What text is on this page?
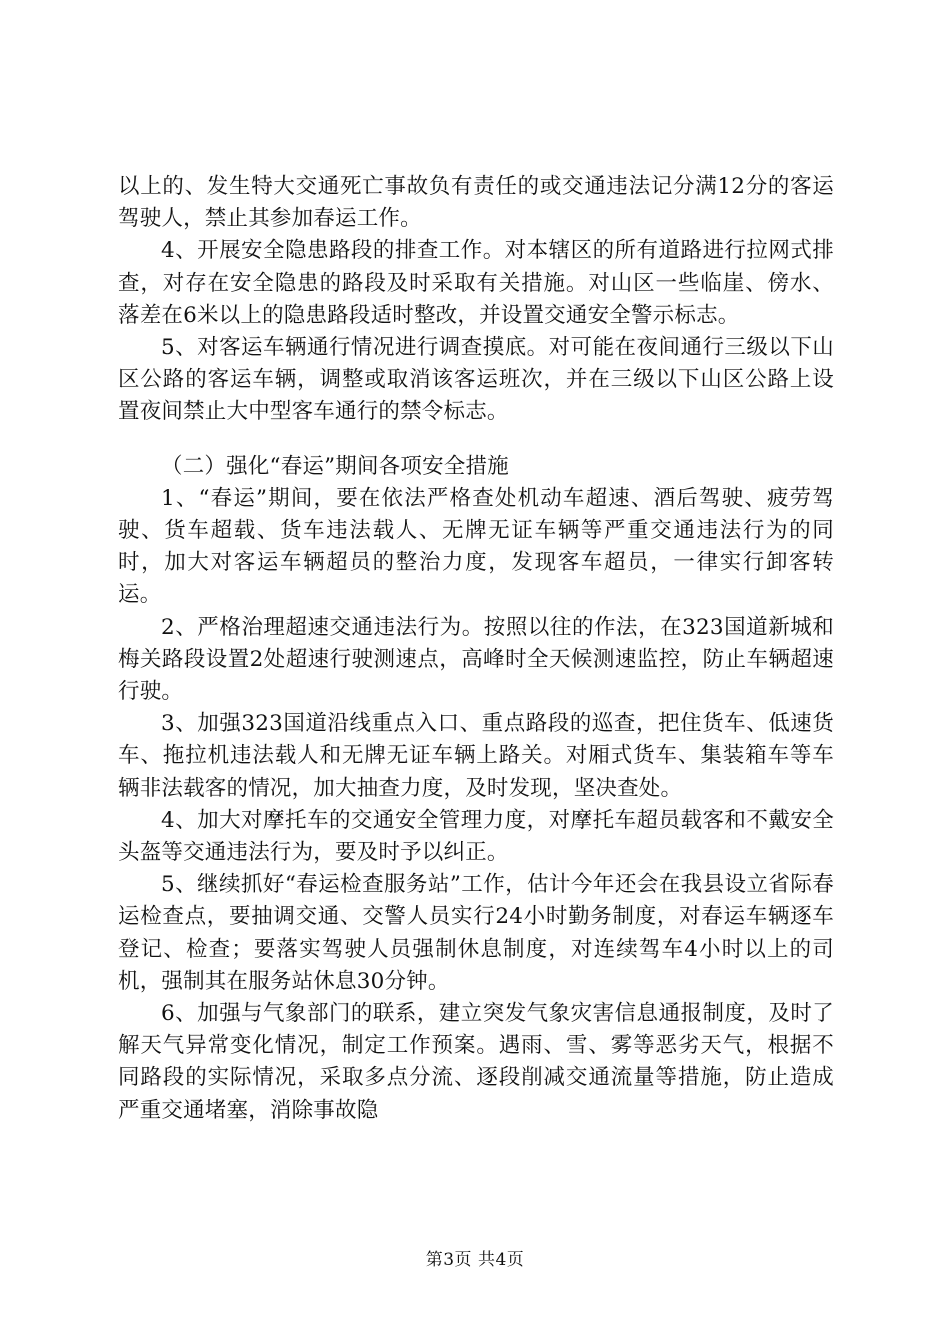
以上的、发生特大交通死亡事故负有责任的或交通违法记分满12分的客运驾驶人，禁止其参加春运工作。

4、开展安全隐患路段的排查工作。对本辖区的所有道路进行拉网式排查，对存在安全隐患的路段及时采取有关措施。对山区一些临崖、傍水、落差在6米以上的隐患路段适时整改，并设置交通安全警示标志。

5、对客运车辆通行情况进行调查摸底。对可能在夜间通行三级以下山区公路的客运车辆，调整或取消该客运班次，并在三级以下山区公路上设置夜间禁止大中型客车通行的禁令标志。

（二）强化“春运”期间各项安全措施

1、“春运”期间，要在依法严格查处机动车超速、酒后驾驶、疲劳驾驶、货车超载、货车违法载人、无牌无证车辆等严重交通违法行为的同时，加大对客运车辆超员的整治力度，发现客车超员，一律实行卸客转运。

2、严格治理超速交通违法行为。按照以往的作法，在323国道新城和梅关路段设置2处超速行驶测速点，高峰时全天候测速监控，防止车辆超速行驶。

3、加强323国道沿线重点入口、重点路段的巡查，把住货车、低速货车、拖拉机违法载人和无牌无证车辆上路关。对厢式货车、集装箱车等车辆非法载客的情况，加大抽查力度，及时发现，坚决查处。

4、加大对摩托车的交通安全管理力度，对摩托车超员载客和不戴安全头盔等交通违法行为，要及时予以纠正。

5、继续抓好“春运检查服务站”工作，估计今年还会在我县设立省际春运检查点，要抽调交通、交警人员实行24小时勤务制度，对春运车辆逐车登记、检查；要落实驾驶人员强制休息制度，对连续驾车4小时以上的司机，强制其在服务站休息30分钟。

6、加强与气象部门的联系，建立突发气象灾害信息通报制度，及时了解天气异常变化情况，制定工作预案。遇雨、雪、雾等恶劣天气，根据不同路段的实际情况，采取多点分流、逐段削减交通流量等措施，防止造成严重交通堵塞，消除事故隐

第3页 共4页
